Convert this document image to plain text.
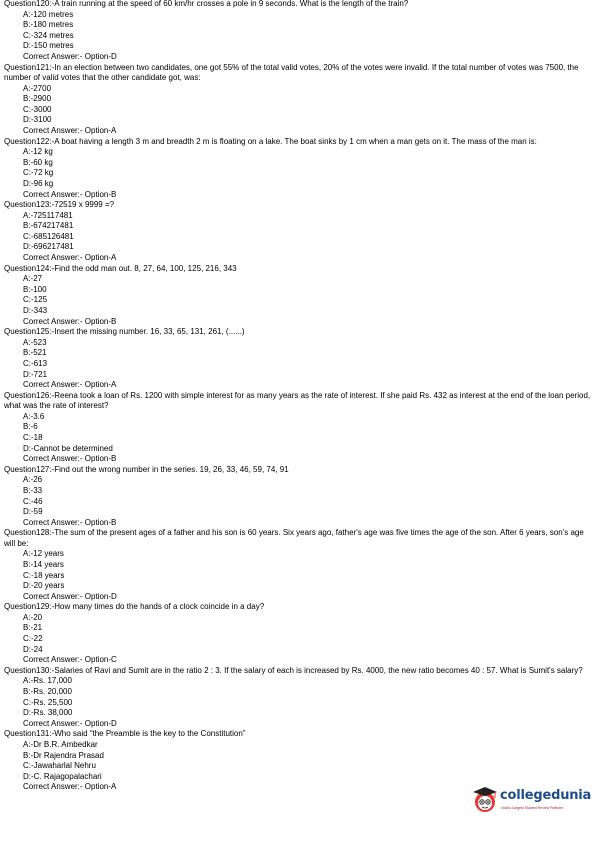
Question120:-A train running at the speed of 60 km/hr crosses a pole in 9 seconds. What is the length of the train?
A:-120 metres
B:-180 metres
C:-324 metres
D:-150 metres
Correct Answer:- Option-D
Question121:-In an election between two candidates, one got 55% of the total valid votes, 20% of the votes were invalid. If the total number of votes was 7500, the number of valid votes that the other candidate got, was:
A:-2700
B:-2900
C:-3000
D:-3100
Correct Answer:- Option-A
Question122:-A boat having a length 3 m and breadth 2 m is floating on a lake. The boat sinks by 1 cm when a man gets on it. The mass of the man is:
A:-12 kg
B:-60 kg
C:-72 kg
D:-96 kg
Correct Answer:- Option-B
Question123:-72519 x 9999 =?
A:-725117481
B:-674217481
C:-685126481
D:-696217481
Correct Answer:- Option-A
Question124:-Find the odd man out. 8, 27, 64, 100, 125, 216, 343
A:-27
B:-100
C:-125
D:-343
Correct Answer:- Option-B
Question125:-Insert the missing number. 16, 33, 65, 131, 261, (......)
A:-523
B:-521
C:-613
D:-721
Correct Answer:- Option-A
Question126:-Reena took a loan of Rs. 1200 with simple interest for as many years as the rate of interest. If she paid Rs. 432 as interest at the end of the loan period, what was the rate of interest?
A:-3.6
B:-6
C:-18
D:-Cannot be determined
Correct Answer:- Option-B
Question127:-Find out the wrong number in the series. 19, 26, 33, 46, 59, 74, 91
A:-26
B:-33
C:-46
D:-59
Correct Answer:- Option-B
Question128:-The sum of the present ages of a father and his son is 60 years. Six years ago, father's age was five times the age of the son. After 6 years, son's age will be:
A:-12 years
B:-14 years
C:-18 years
D:-20 years
Correct Answer:- Option-D
Question129:-How many times do the hands of a clock coincide in a day?
A:-20
B:-21
C:-22
D:-24
Correct Answer:- Option-C
Question130:-Salaries of Ravi and Sumit are in the ratio 2 : 3. If the salary of each is increased by Rs. 4000, the new ratio becomes 40 : 57. What is Sumit's salary?
A:-Rs. 17,000
B:-Rs. 20,000
C:-Rs. 25,500
D:-Rs. 38,000
Correct Answer:- Option-D
Question131:-Who said “the Preamble is the key to the Constitution”
A:-Dr B.R. Ambedkar
B:-Dr Rajendra Prasad
C:-Jawaharlal Nehru
D:-C. Rajagopalachari
Correct Answer:- Option-A
collegedunia
India's Largest Student Review Platform
